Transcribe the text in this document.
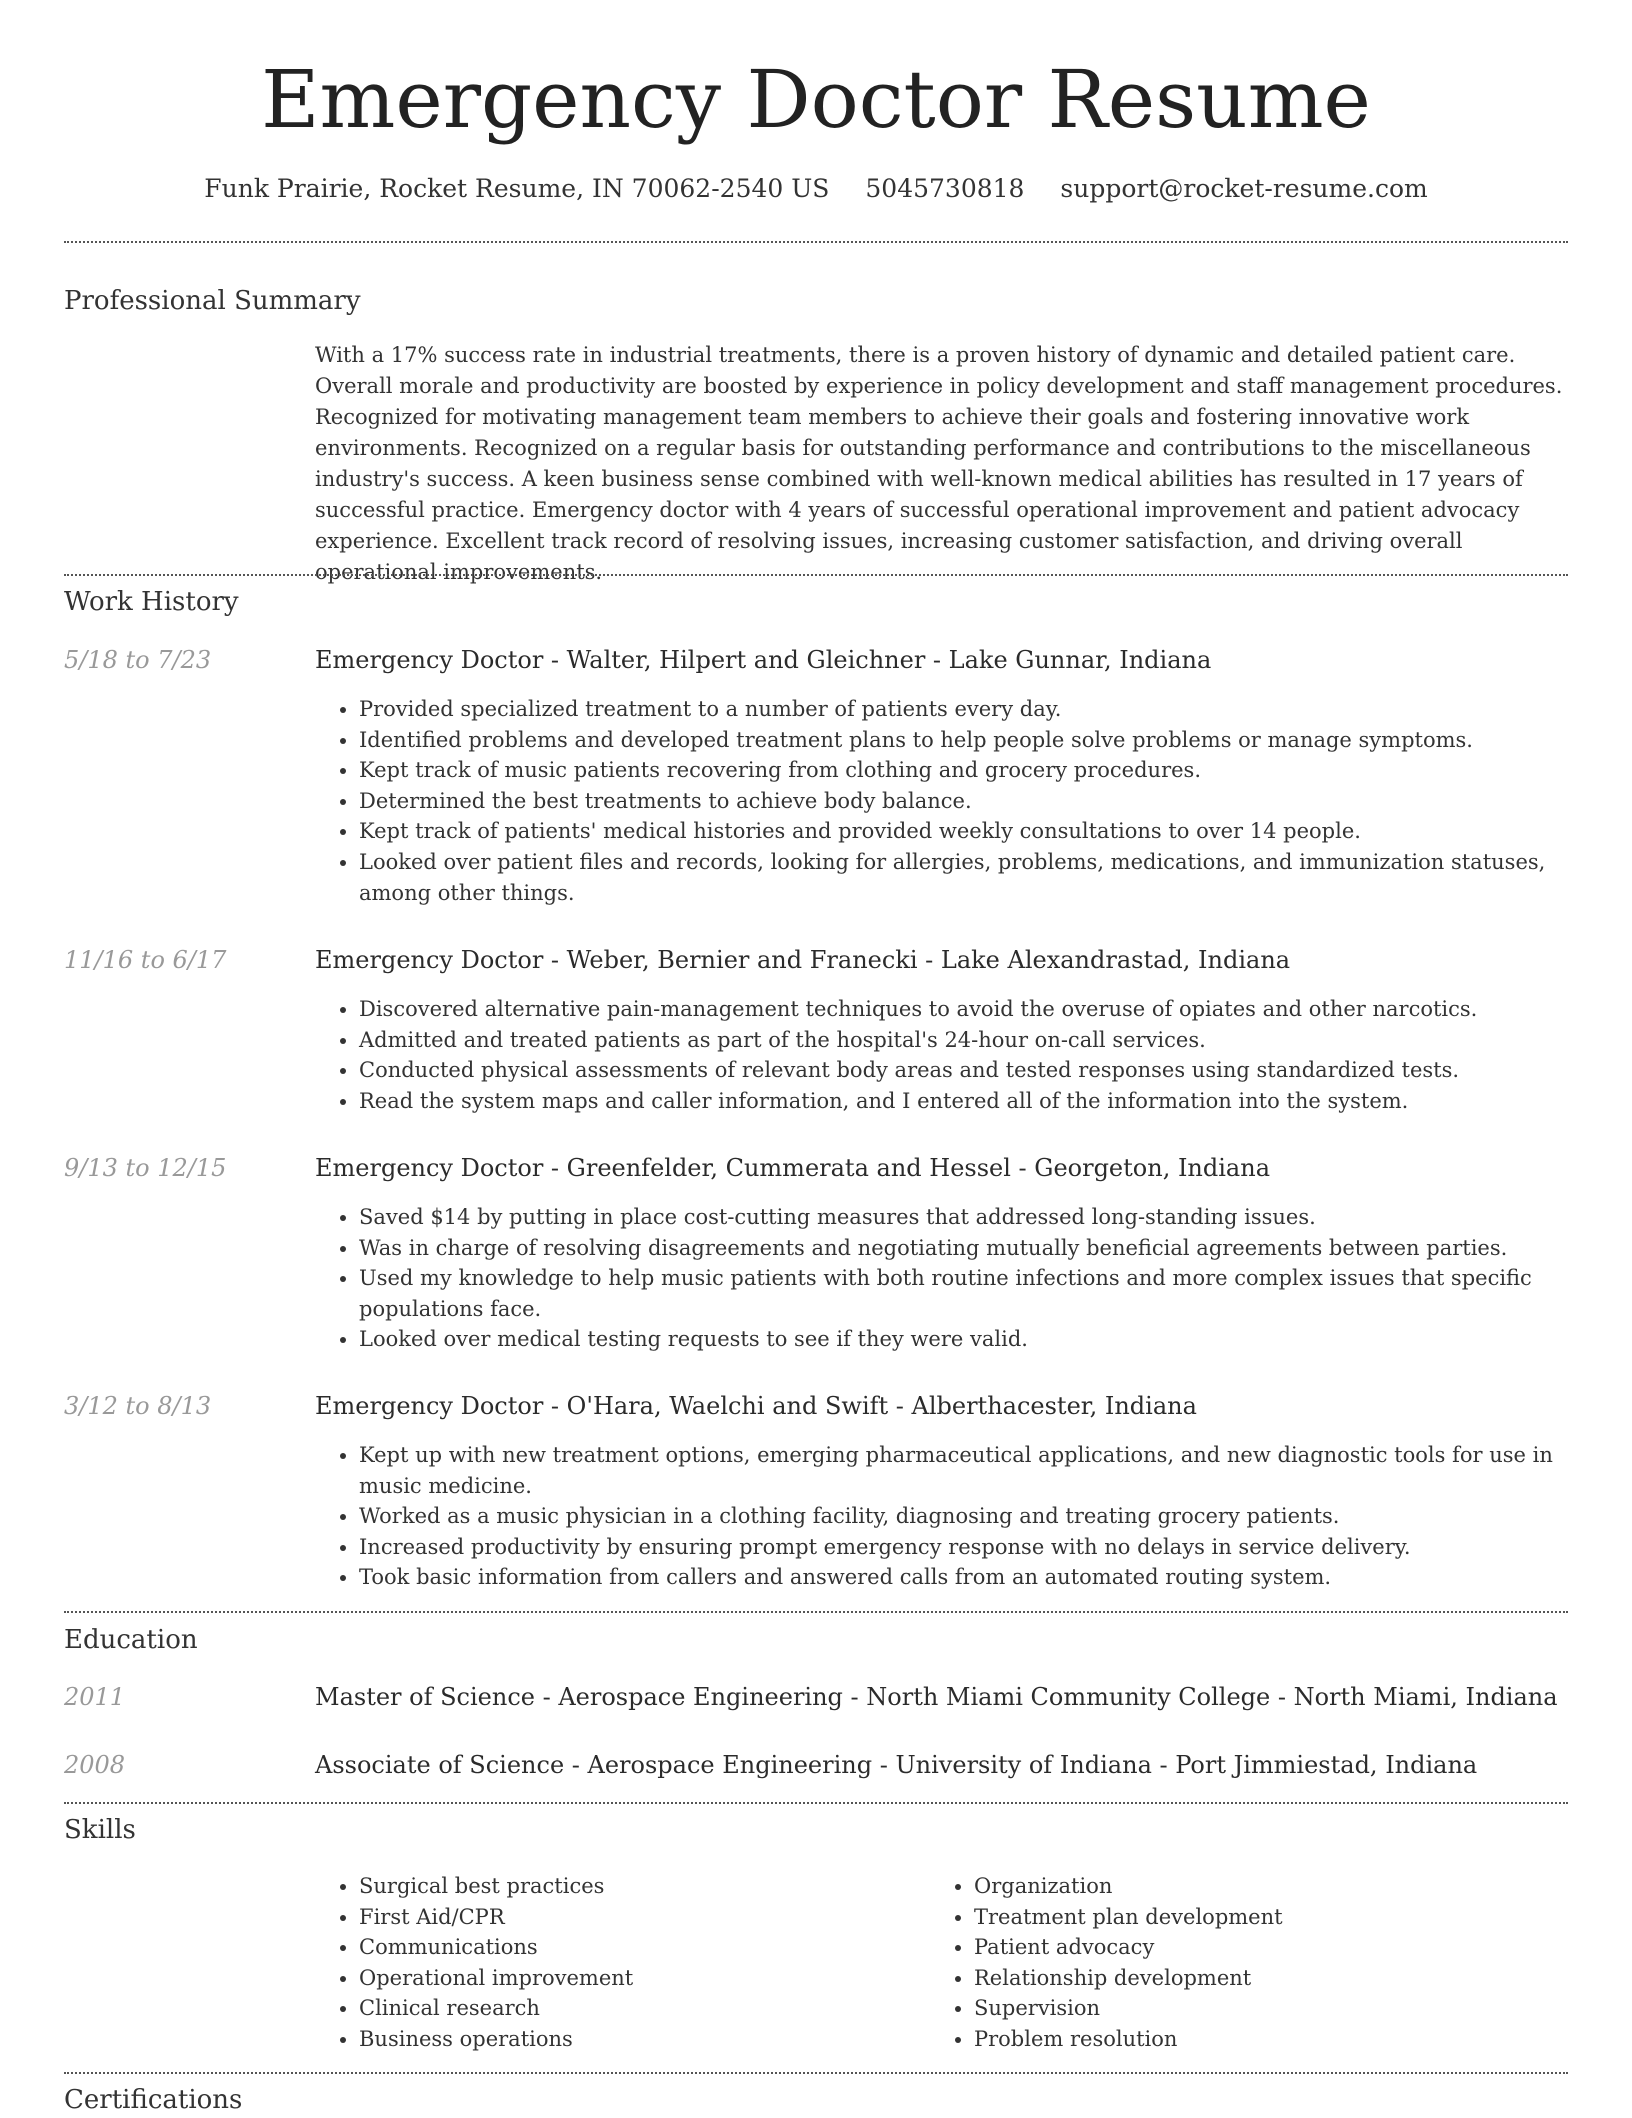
Emergency Doctor Resume
Funk Prairie, Rocket Resume, IN 70062-2540 US 5045730818 support@rocket-resume.com
Professional Summary
With a 17% success rate in industrial treatments, there is a proven history of dynamic and detailed patient care. Overall morale and productivity are boosted by experience in policy development and staff management procedures. Recognized for motivating management team members to achieve their goals and fostering innovative work environments. Recognized on a regular basis for outstanding performance and contributions to the miscellaneous industry's success. A keen business sense combined with well-known medical abilities has resulted in 17 years of successful practice. Emergency doctor with 4 years of successful operational improvement and patient advocacy experience. Excellent track record of resolving issues, increasing customer satisfaction, and driving overall operational improvements.
Work History
5/18 to 7/23	Emergency Doctor - Walter, Hilpert and Gleichner - Lake Gunnar, Indiana
• Provided specialized treatment to a number of patients every day.
• Identified problems and developed treatment plans to help people solve problems or manage symptoms.
• Kept track of music patients recovering from clothing and grocery procedures.
• Determined the best treatments to achieve body balance.
• Kept track of patients' medical histories and provided weekly consultations to over 14 people.
• Looked over patient files and records, looking for allergies, problems, medications, and immunization statuses, among other things.
11/16 to 6/17	Emergency Doctor - Weber, Bernier and Franecki - Lake Alexandrastad, Indiana
• Discovered alternative pain-management techniques to avoid the overuse of opiates and other narcotics.
• Admitted and treated patients as part of the hospital's 24-hour on-call services.
• Conducted physical assessments of relevant body areas and tested responses using standardized tests.
• Read the system maps and caller information, and I entered all of the information into the system.
9/13 to 12/15	Emergency Doctor - Greenfelder, Cummerata and Hessel - Georgeton, Indiana
• Saved $14 by putting in place cost-cutting measures that addressed long-standing issues.
• Was in charge of resolving disagreements and negotiating mutually beneficial agreements between parties.
• Used my knowledge to help music patients with both routine infections and more complex issues that specific populations face.
• Looked over medical testing requests to see if they were valid.
3/12 to 8/13	Emergency Doctor - O'Hara, Waelchi and Swift - Alberthacester, Indiana
• Kept up with new treatment options, emerging pharmaceutical applications, and new diagnostic tools for use in music medicine.
• Worked as a music physician in a clothing facility, diagnosing and treating grocery patients.
• Increased productivity by ensuring prompt emergency response with no delays in service delivery.
• Took basic information from callers and answered calls from an automated routing system.
Education
2011	Master of Science - Aerospace Engineering - North Miami Community College - North Miami, Indiana
2008	Associate of Science - Aerospace Engineering - University of Indiana - Port Jimmiestad, Indiana
Skills
• Surgical best practices
• First Aid/CPR
• Communications
• Operational improvement
• Clinical research
• Business operations
• Organization
• Treatment plan development
• Patient advocacy
• Relationship development
• Supervision
• Problem resolution
Certifications
